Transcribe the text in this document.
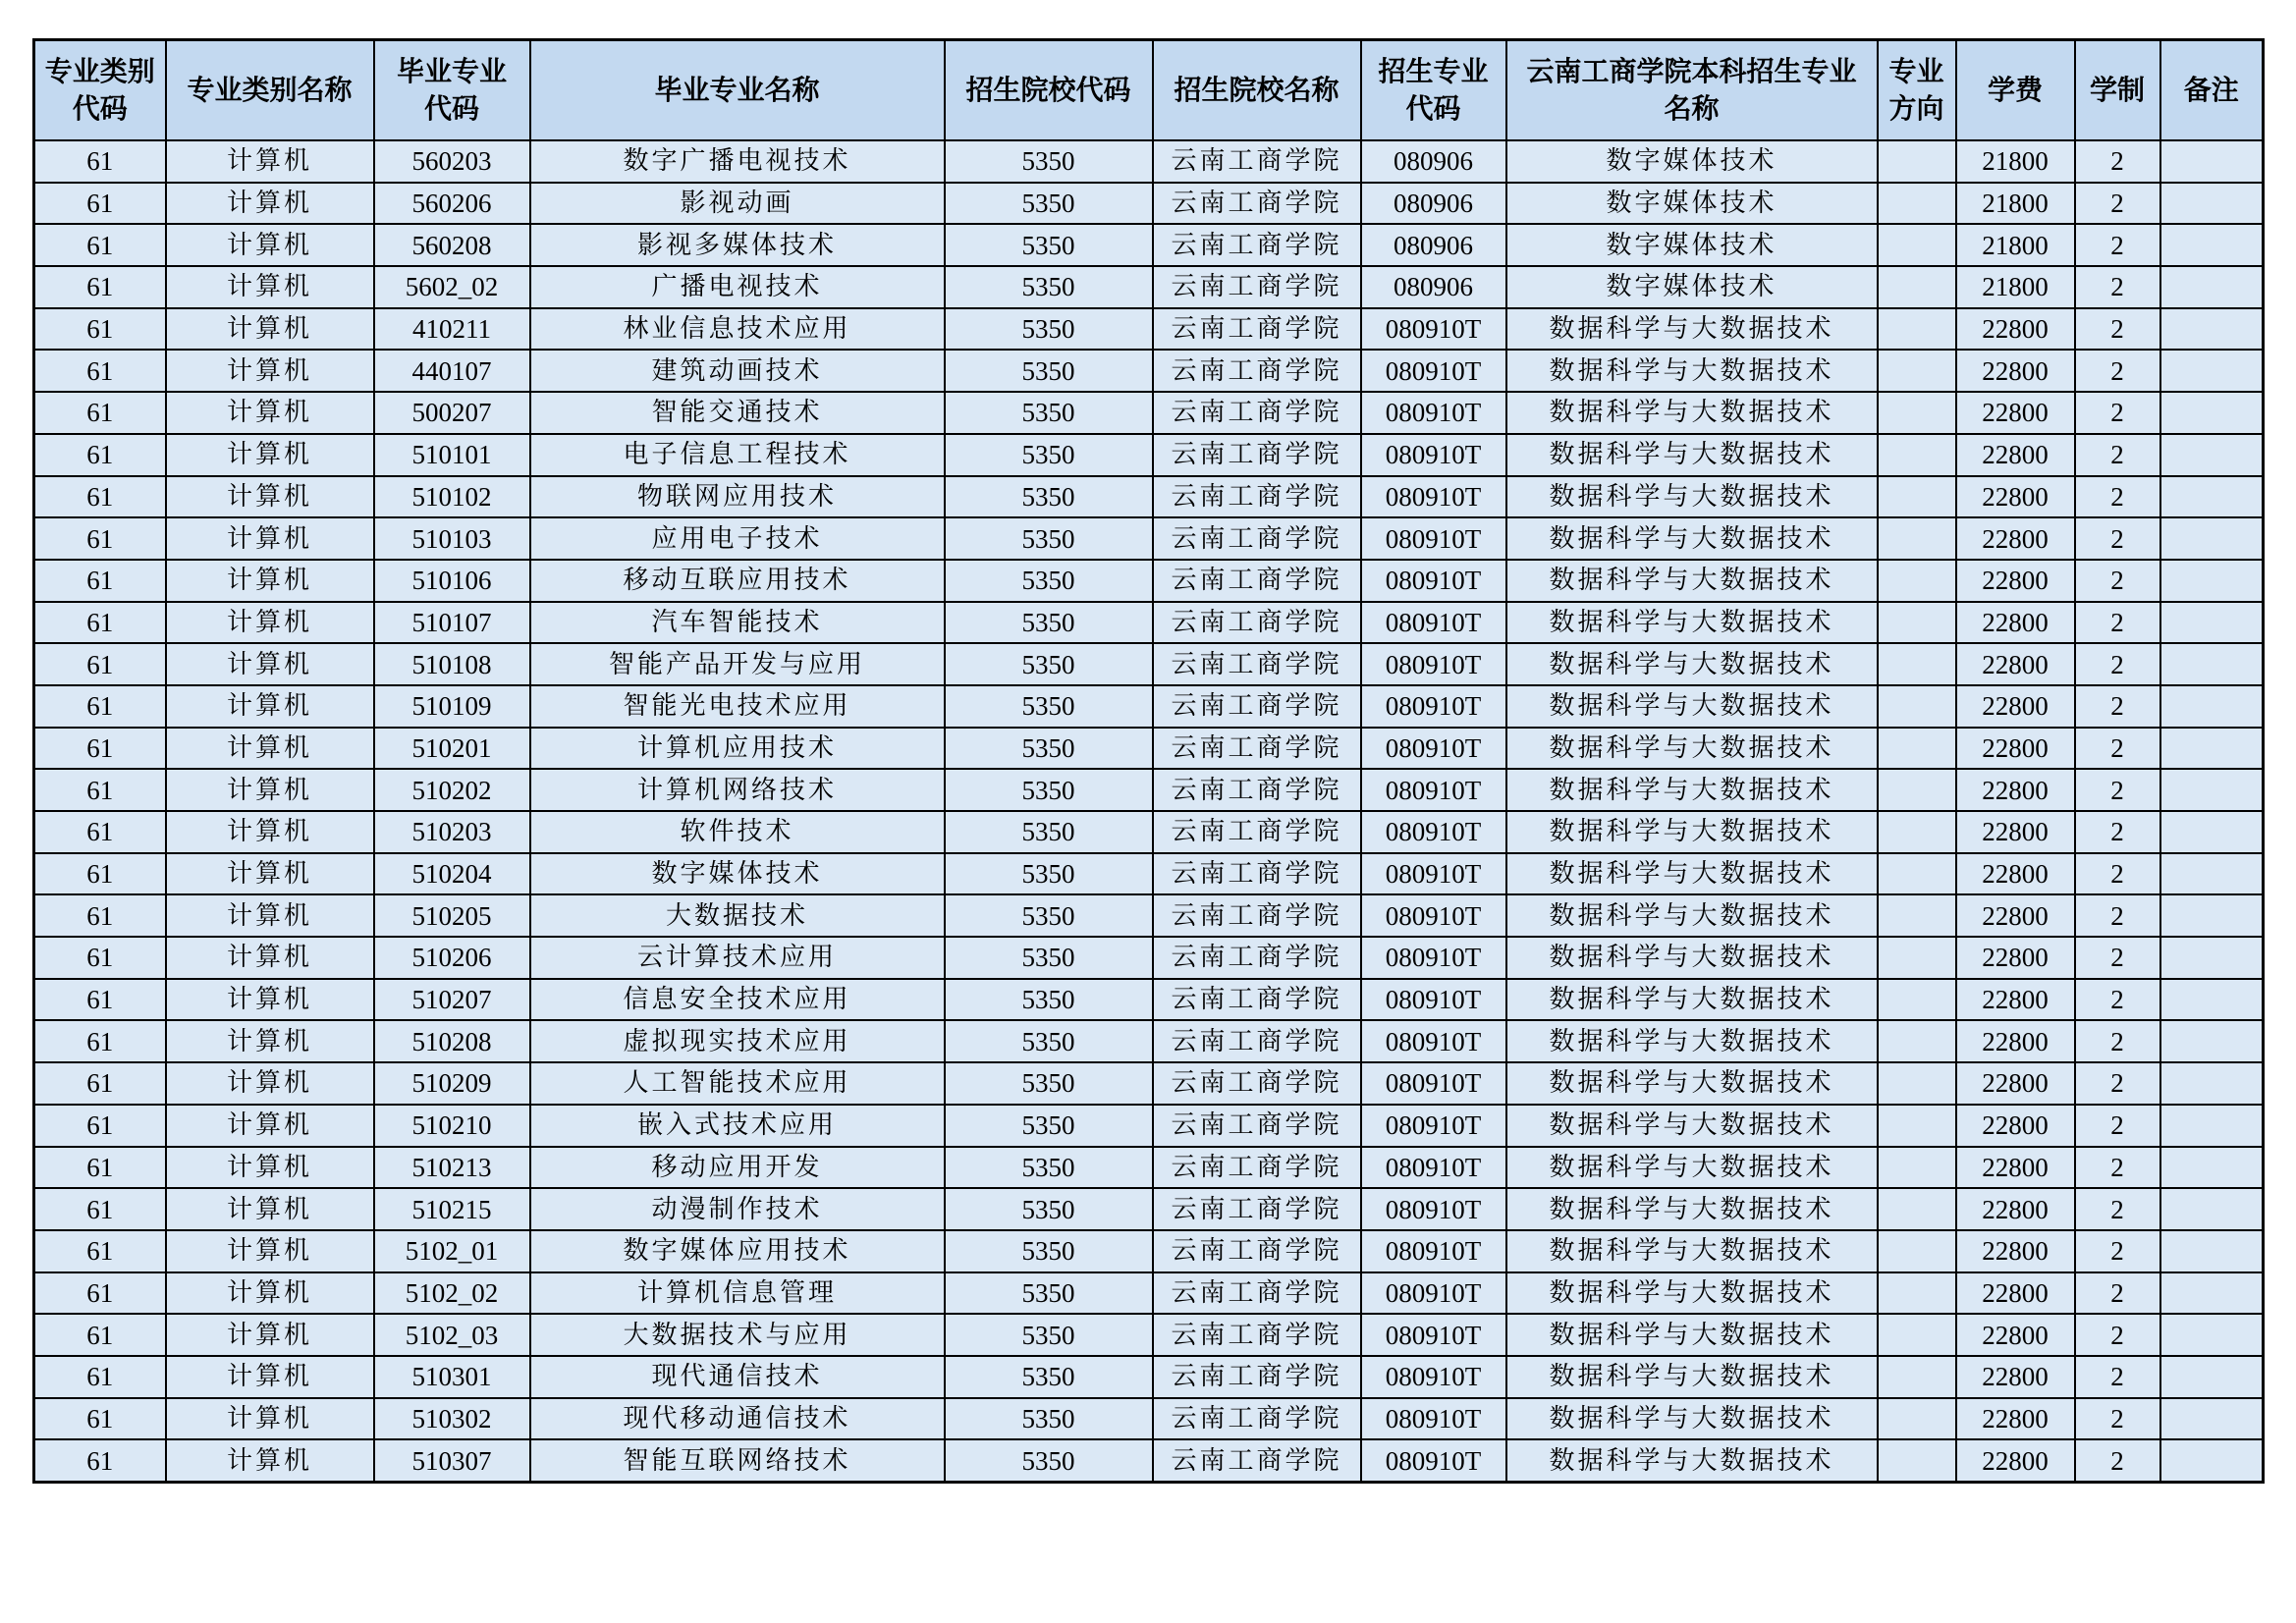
专业类别代码	专业类别名称	毕业专业代码	毕业专业名称	招生院校代码	招生院校名称	招生专业代码	云南工商学院本科招生专业名称	专业方向	学费	学制	备注
61	计算机	560203	数字广播电视技术	5350	云南工商学院	080906	数字媒体技术		21800	2	
61	计算机	560206	影视动画	5350	云南工商学院	080906	数字媒体技术		21800	2	
61	计算机	560208	影视多媒体技术	5350	云南工商学院	080906	数字媒体技术		21800	2	
61	计算机	5602_02	广播电视技术	5350	云南工商学院	080906	数字媒体技术		21800	2	
61	计算机	410211	林业信息技术应用	5350	云南工商学院	080910T	数据科学与大数据技术		22800	2	
61	计算机	440107	建筑动画技术	5350	云南工商学院	080910T	数据科学与大数据技术		22800	2	
61	计算机	500207	智能交通技术	5350	云南工商学院	080910T	数据科学与大数据技术		22800	2	
61	计算机	510101	电子信息工程技术	5350	云南工商学院	080910T	数据科学与大数据技术		22800	2	
61	计算机	510102	物联网应用技术	5350	云南工商学院	080910T	数据科学与大数据技术		22800	2	
61	计算机	510103	应用电子技术	5350	云南工商学院	080910T	数据科学与大数据技术		22800	2	
61	计算机	510106	移动互联应用技术	5350	云南工商学院	080910T	数据科学与大数据技术		22800	2	
61	计算机	510107	汽车智能技术	5350	云南工商学院	080910T	数据科学与大数据技术		22800	2	
61	计算机	510108	智能产品开发与应用	5350	云南工商学院	080910T	数据科学与大数据技术		22800	2	
61	计算机	510109	智能光电技术应用	5350	云南工商学院	080910T	数据科学与大数据技术		22800	2	
61	计算机	510201	计算机应用技术	5350	云南工商学院	080910T	数据科学与大数据技术		22800	2	
61	计算机	510202	计算机网络技术	5350	云南工商学院	080910T	数据科学与大数据技术		22800	2	
61	计算机	510203	软件技术	5350	云南工商学院	080910T	数据科学与大数据技术		22800	2	
61	计算机	510204	数字媒体技术	5350	云南工商学院	080910T	数据科学与大数据技术		22800	2	
61	计算机	510205	大数据技术	5350	云南工商学院	080910T	数据科学与大数据技术		22800	2	
61	计算机	510206	云计算技术应用	5350	云南工商学院	080910T	数据科学与大数据技术		22800	2	
61	计算机	510207	信息安全技术应用	5350	云南工商学院	080910T	数据科学与大数据技术		22800	2	
61	计算机	510208	虚拟现实技术应用	5350	云南工商学院	080910T	数据科学与大数据技术		22800	2	
61	计算机	510209	人工智能技术应用	5350	云南工商学院	080910T	数据科学与大数据技术		22800	2	
61	计算机	510210	嵌入式技术应用	5350	云南工商学院	080910T	数据科学与大数据技术		22800	2	
61	计算机	510213	移动应用开发	5350	云南工商学院	080910T	数据科学与大数据技术		22800	2	
61	计算机	510215	动漫制作技术	5350	云南工商学院	080910T	数据科学与大数据技术		22800	2	
61	计算机	5102_01	数字媒体应用技术	5350	云南工商学院	080910T	数据科学与大数据技术		22800	2	
61	计算机	5102_02	计算机信息管理	5350	云南工商学院	080910T	数据科学与大数据技术		22800	2	
61	计算机	5102_03	大数据技术与应用	5350	云南工商学院	080910T	数据科学与大数据技术		22800	2	
61	计算机	510301	现代通信技术	5350	云南工商学院	080910T	数据科学与大数据技术		22800	2	
61	计算机	510302	现代移动通信技术	5350	云南工商学院	080910T	数据科学与大数据技术		22800	2	
61	计算机	510307	智能互联网络技术	5350	云南工商学院	080910T	数据科学与大数据技术		22800	2	
